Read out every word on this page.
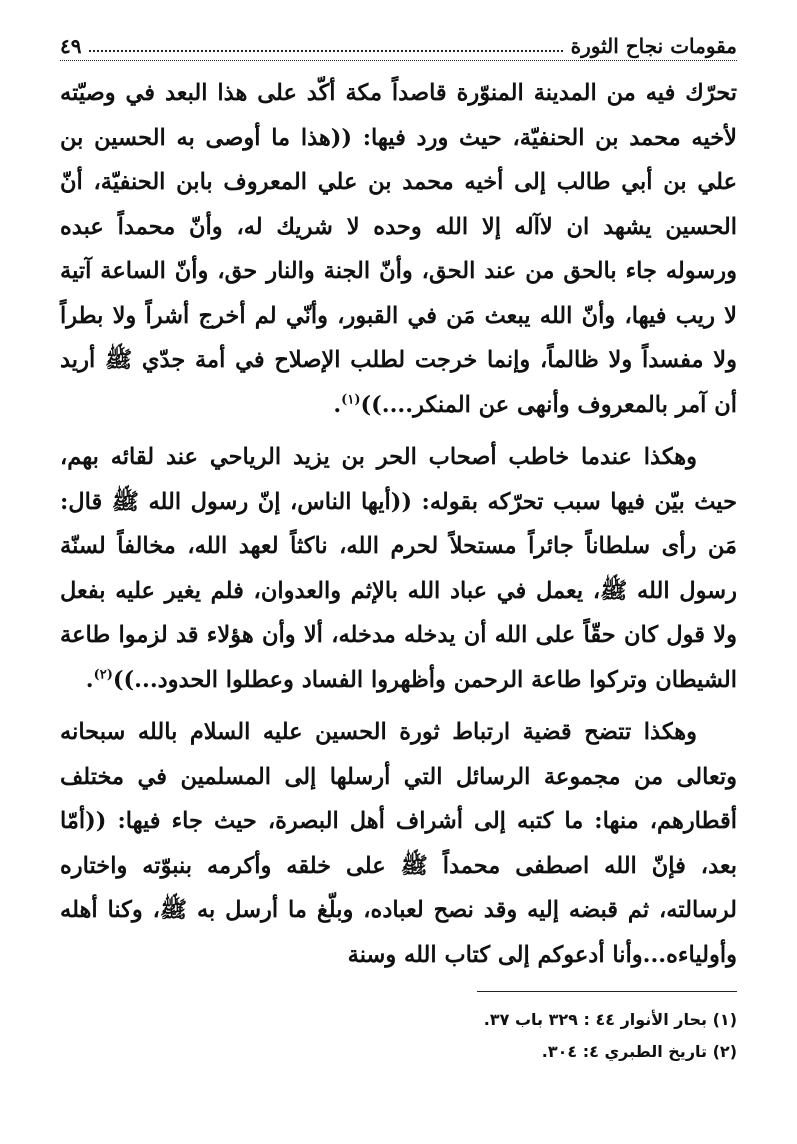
مقومات نجاح الثورة
٤٩

تحرّك فيه من المدينة المنوّرة قاصداً مكة أكّد على هذا البعد في وصيّته لأخيه محمد بن الحنفيّة، حيث ورد فيها: ((هذا ما أوصى به الحسين بن علي بن أبي طالب إلى أخيه محمد بن علي المعروف بابن الحنفيّة، أنّ الحسين يشهد ان لاآله إلا الله وحده لا شريك له، وأنّ محمداً عبده ورسوله جاء بالحق من عند الحق، وأنّ الجنة والنار حق، وأنّ الساعة آتية لا ريب فيها، وأنّ الله يبعث مَن في القبور، وأنّي لم أخرج أشراً ولا بطراً ولا مفسداً ولا ظالماً، وإنما خرجت لطلب الإصلاح في أمة جدّي ﷺ أريد أن آمر بالمعروف وأنهى عن المنكر....))$^{(١)}$.

وهكذا عندما خاطب أصحاب الحر بن يزيد الرياحي عند لقائه بهم، حيث بيّن فيها سبب تحرّكه بقوله: ((أيها الناس، إنّ رسول الله ﷺ قال: مَن رأى سلطاناً جائراً مستحلاً لحرم الله، ناكثاً لعهد الله، مخالفاً لسنّة رسول الله ﷺ، يعمل في عباد الله بالإثم والعدوان، فلم يغير عليه بفعل ولا قول كان حقّاً على الله أن يدخله مدخله، ألا وأن هؤلاء قد لزموا طاعة الشيطان وتركوا طاعة الرحمن وأظهروا الفساد وعطلوا الحدود...))$^{(٢)}$.

وهكذا تتضح قضية ارتباط ثورة الحسين عليه السلام بالله سبحانه وتعالى من مجموعة الرسائل التي أرسلها إلى المسلمين في مختلف أقطارهم، منها: ما كتبه إلى أشراف أهل البصرة، حيث جاء فيها: ((أمّا بعد، فإنّ الله اصطفى محمداً ﷺ على خلقه وأكرمه بنبوّته واختاره لرسالته، ثم قبضه إليه وقد نصح لعباده، وبلّغ ما أرسل به ﷺ، وكنا أهله وأولياءه...وأنا أدعوكم إلى كتاب الله وسنة

(١) بحار الأنوار ٤٤ : ٣٢٩ باب ٣٧.

(٢) تاريخ الطبري ٤: ٣٠٤.
